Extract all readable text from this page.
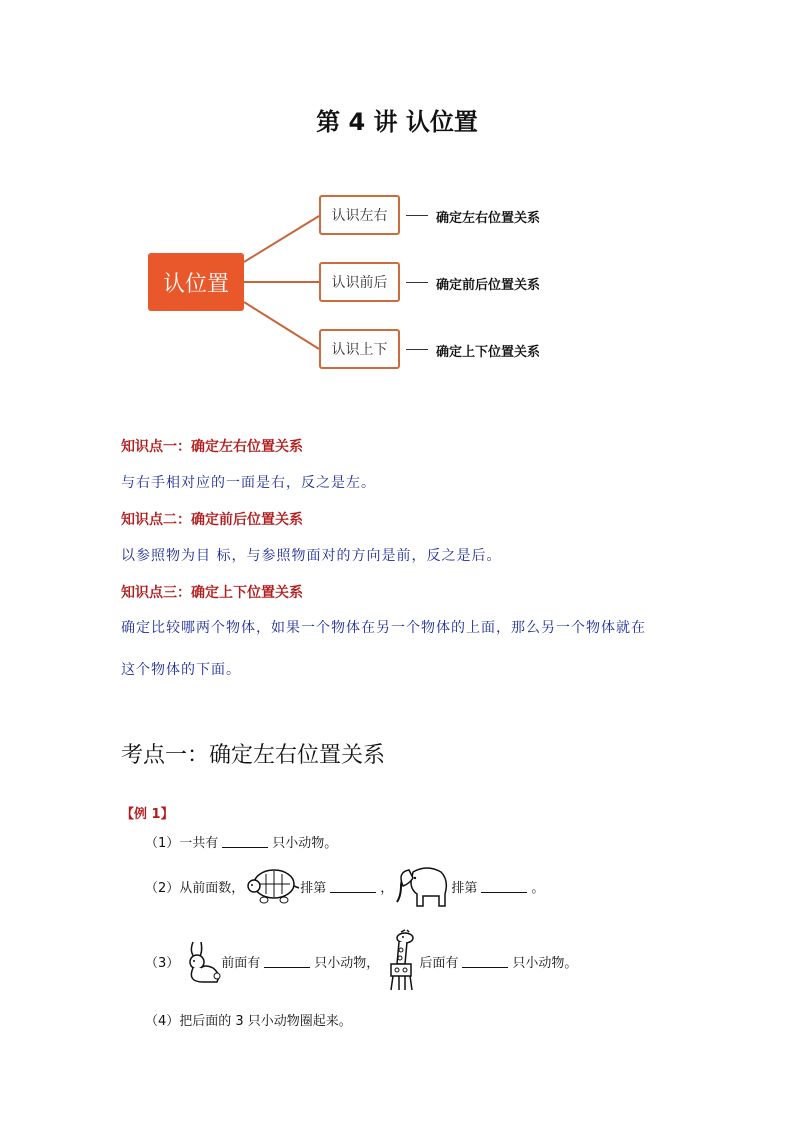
第 4 讲 认位置
认位置
认识左右
认识前后
认识上下
确定左右位置关系
确定前后位置关系
确定上下位置关系
知识点一：确定左右位置关系
与右手相对应的一面是右，反之是左。
知识点二：确定前后位置关系
以参照物为目 标，与参照物面对的方向是前，反之是后。
知识点三：确定上下位置关系
确定比较哪两个物体，如果一个物体在另一个物体的上面，那么另一个物体就在
这个物体的下面。
考点一：确定左右位置关系
【例 1】
（1）一共有	只小动物。
（2）从前面数，	排第	，	排第	。
（3）	前面有	只小动物，	后面有	只小动物。
（4）把后面的 3 只小动物圈起来。
